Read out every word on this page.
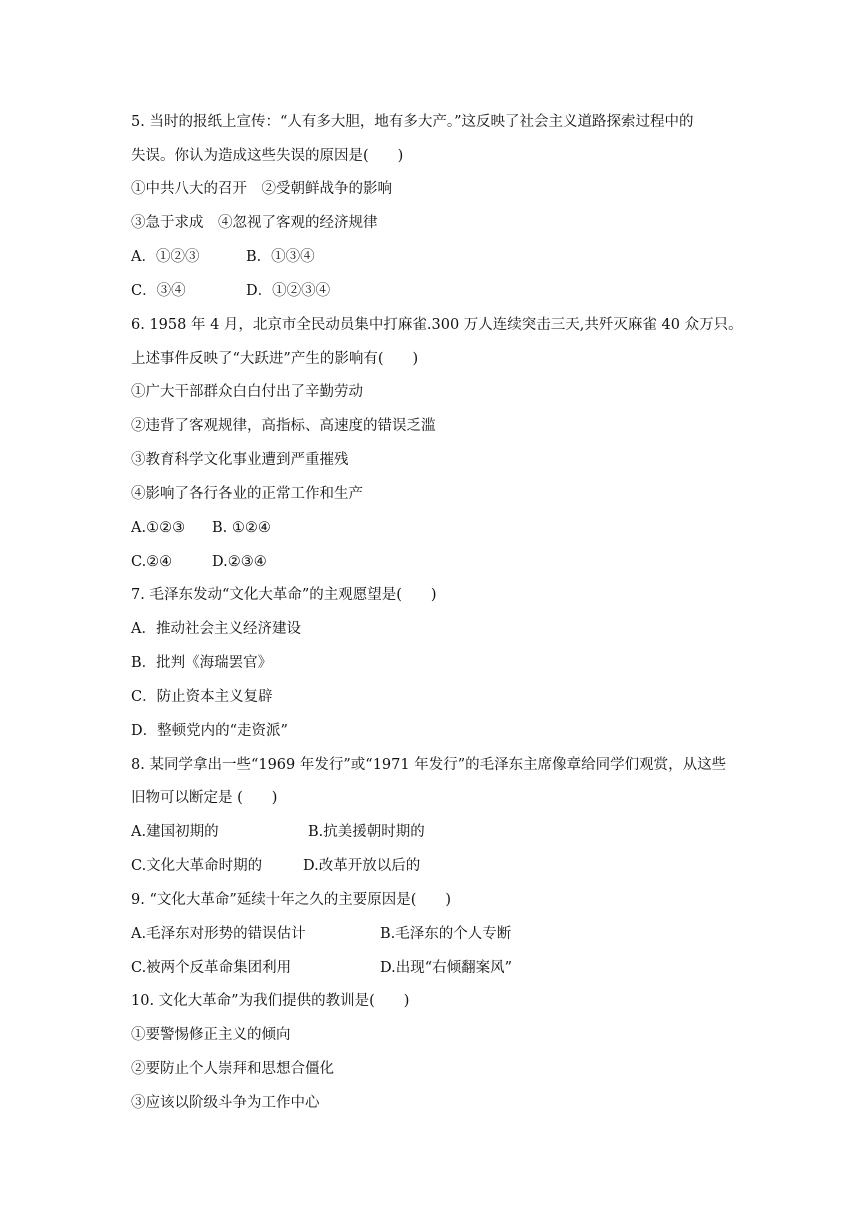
5. 当时的报纸上宣传：“人有多大胆，地有多大产。”这反映了社会主义道路探索过程中的
失误。你认为造成这些失误的原因是(　　)
①中共八大的召开　②受朝鲜战争的影响
③急于求成　④忽视了客观的经济规律
A．①②③	B．①③④
C．③④	D．①②③④
6. 1958 年 4 月，北京市全民动员集中打麻雀.300 万人连续突击三天,共歼灭麻雀 40 众万只。
上述事件反映了“大跃进”产生的影响有(　　)
①广大干部群众白白付出了辛勤劳动
②违背了客观规律，高指标、高速度的错误乏滥
③教育科学文化事业遭到严重摧残
④影响了各行各业的正常工作和生产
A.①②③ B. ①②④
C.②④	D.②③④
7. 毛泽东发动“文化大革命”的主观愿望是(　　)
A．推动社会主义经济建设
B．批判《海瑞罢官》
C．防止资本主义复辟
D．整顿党内的“走资派”
8. 某同学拿出一些“1969 年发行”或“1971 年发行”的毛泽东主席像章给同学们观赏，从这些
旧物可以断定是 (　　)
A.建国初期的	B.抗美援朝时期的
C.文化大革命时期的	D.改革开放以后的
9. “文化大革命”延续十年之久的主要原因是(　　)
A.毛泽东对形势的错误估计	B.毛泽东的个人专断
C.被两个反革命集团利用	D.出现“右倾翻案风”
10. 文化大革命”为我们提供的教训是(　　)
①要警惕修正主义的倾向
②要防止个人崇拜和思想合僵化
③应该以阶级斗争为工作中心
